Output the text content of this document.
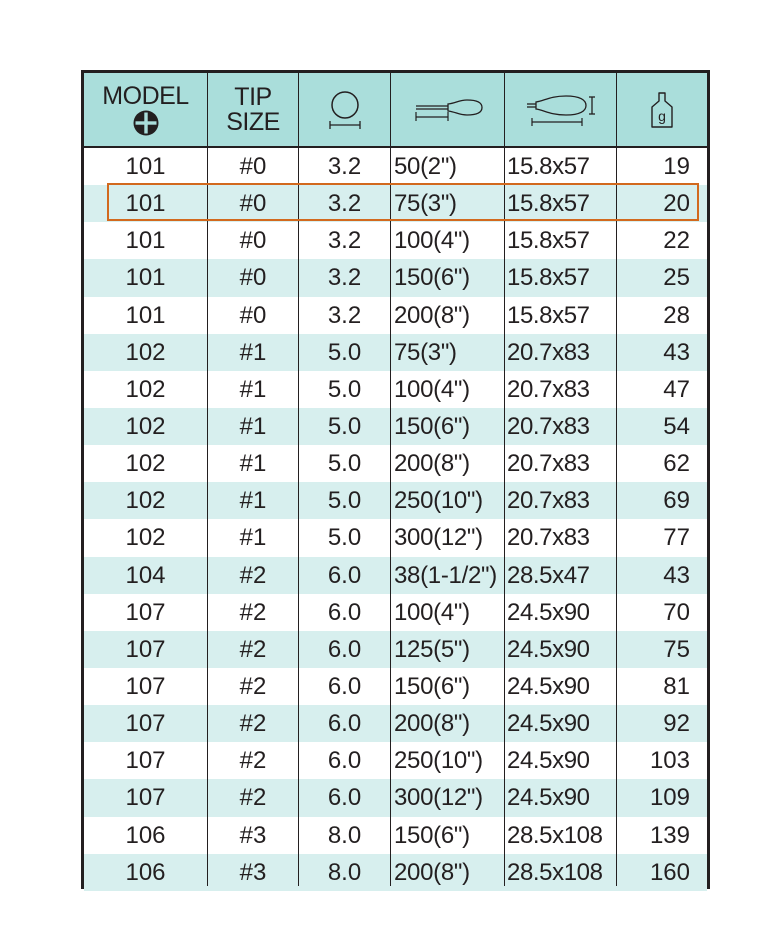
MODEL TIP
SIZE	g
101	#0	3.2	50(2")	15.8x57	19
101	#0	3.2	75(3")	15.8x57	20
101	#0	3.2	100(4")	15.8x57	22
101	#0	3.2	150(6")	15.8x57	25
101	#0	3.2	200(8")	15.8x57	28
102	#1	5.0	75(3")	20.7x83	43
102	#1	5.0	100(4")	20.7x83	47
102	#1	5.0	150(6")	20.7x83	54
102	#1	5.0	200(8")	20.7x83	62
102	#1	5.0	250(10")	20.7x83	69
102	#1	5.0	300(12")	20.7x83	77
104	#2	6.0	38(1-1/2") 28.5x47	43
107	#2	6.0	100(4")	24.5x90	70
107	#2	6.0	125(5")	24.5x90	75
107	#2	6.0	150(6")	24.5x90	81
107	#2	6.0	200(8")	24.5x90	92
107	#2	6.0	250(10")	24.5x90	103
107	#2	6.0	300(12")	24.5x90	109
106	#3	8.0	150(6")	28.5x108	139
106	#3	8.0	200(8")	28.5x108	160
